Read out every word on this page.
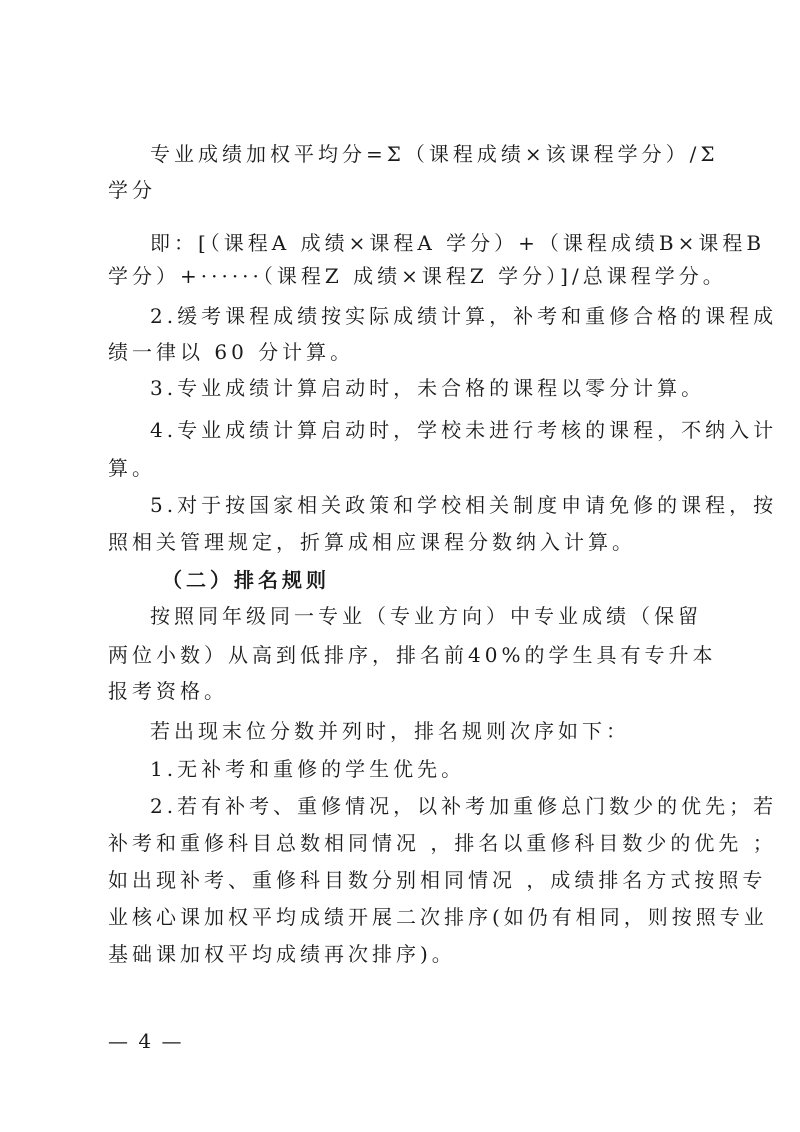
专业成绩加权平均分=Σ（课程成绩×该课程学分）/Σ
学分
即：[（课程A 成绩×课程A 学分）+（课程成绩B×课程B
学分）+······（课程Z 成绩×课程Z 学分）]/总课程学分。
2.缓考课程成绩按实际成绩计算，补考和重修合格的课程成
绩一律以 60 分计算。
3.专业成绩计算启动时，未合格的课程以零分计算。
4.专业成绩计算启动时，学校未进行考核的课程，不纳入计
算。
5.对于按国家相关政策和学校相关制度申请免修的课程，按
照相关管理规定，折算成相应课程分数纳入计算。
（二）排名规则
按照同年级同一专业（专业方向）中专业成绩（保留
两位小数）从高到低排序，排名前40%的学生具有专升本
报考资格。
若出现末位分数并列时，排名规则次序如下：
1.无补考和重修的学生优先。
2.若有补考、重修情况，以补考加重修总门数少的优先；若
补考和重修科目总数相同情况 ，排名以重修科目数少的优先 ；
如出现补考、重修科目数分别相同情况 ，成绩排名方式按照专
业核心课加权平均成绩开展二次排序(如仍有相同，则按照专业
基础课加权平均成绩再次排序)。
— 4 —
